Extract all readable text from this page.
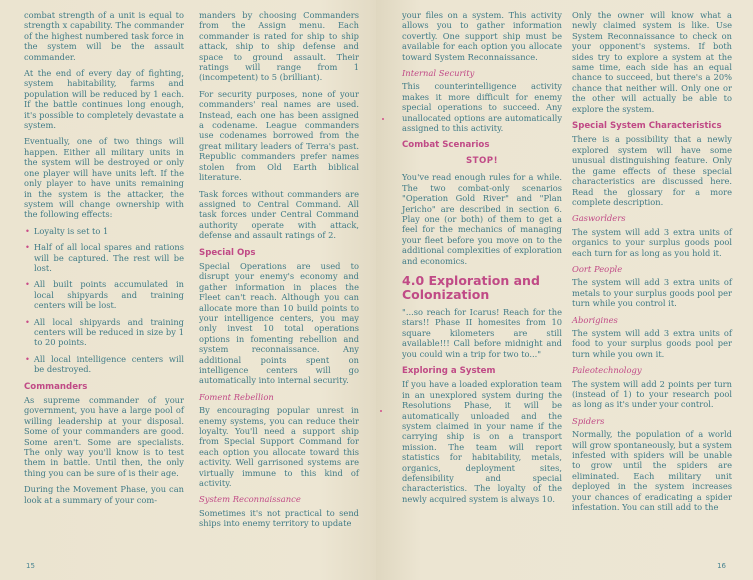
combat strength of a unit is equal to strength x capability. The commander of the highest numbered task force in the system will be the assault commander.

At the end of every day of fighting, system habitability, farms and population will be reduced by 1 each. If the battle continues long enough, it's possible to completely devastate a system.

Eventually, one of two things will happen. Either all military units in the system will be destroyed or only one player will have units left. If the only player to have units remaining in the system is the attacker, the system will change ownership with the following effects:

• Loyalty is set to 1

• Half of all local spares and rations will be captured. The rest will be lost.

• All built points accumulated in local shipyards and training centers will be lost.

• All local shipyards and training centers will be reduced in size by 1 to 20 points.

• All local intelligence centers will be destroyed.

Commanders

As supreme commander of your government, you have a large pool of willing leadership at your disposal. Some of your commanders are good. Some aren't. Some are specialists. The only way you'll know is to test them in battle. Until then, the only thing you can be sure of is their age.

During the Movement Phase, you can look at a summary of your com-

manders by choosing Commanders from the Assign menu. Each commander is rated for ship to ship attack, ship to ship defense and space to ground assault. Their ratings will range from 1 (incompetent) to 5 (brilliant).

For security purposes, none of your commanders' real names are used. Instead, each one has been assigned a codename. League commanders use codenames borrowed from the great military leaders of Terra's past. Republic commanders prefer names stolen from Old Earth biblical literature.

Task forces without commanders are assigned to Central Command. All task forces under Central Command authority operate with attack, defense and assault ratings of 2.

Special Ops

Special Operations are used to disrupt your enemy's economy and gather information in places the Fleet can't reach. Although you can allocate more than 10 build points to your intelligence centers, you may only invest 10 total operations options in fomenting rebellion and system reconnaissance. Any additional points spent on intelligence centers will go automatically into internal security.

Foment Rebellion

By encouraging popular unrest in enemy systems, you can reduce their loyalty. You'll need a support ship from Special Support Command for each option you allocate toward this activity. Well garrisoned systems are virtually immune to this kind of activity.

System Reconnaissance

Sometimes it's not practical to send ships into enemy territory to update

15

your files on a system. This activity allows you to gather information covertly. One support ship must be available for each option you allocate toward System Reconnaissance.

Internal Security

This counterintelligence activity makes it more difficult for enemy special operations to succeed. Any unallocated options are automatically assigned to this activity.

Combat Scenarios
STOP!

You've read enough rules for a while. The two combat-only scenarios "Operation Gold River" and "Plan Jericho" are described in section 6. Play one (or both) of them to get a feel for the mechanics of managing your fleet before you move on to the additional complexities of exploration and economics.

4.0 Exploration and Colonization

"...so reach for Icarus! Reach for the stars!! Phase II homesites from 10 square kilometers are still available!!! Call before midnight and you could win a trip for two to..."

Exploring a System

If you have a loaded exploration team in an unexplored system during the Resolutions Phase, it will be automatically unloaded and the system claimed in your name if the carrying ship is on a transport mission. The team will report statistics for habitability, metals, organics, deployment sites, defensibility and special characteristics. The loyalty of the newly acquired system is always 10.

Only the owner will know what a newly claimed system is like. Use System Reconnaissance to check on your opponent's systems. If both sides try to explore a system at the same time, each side has an equal chance to succeed, but there's a 20% chance that neither will. Only one or the other will actually be able to explore the system.

Special System Characteristics

There is a possibility that a newly explored system will have some unusual distinguishing feature. Only the game effects of these special characteristics are discussed here. Read the glossary for a more complete description.

Gasworlders

The system will add 3 extra units of organics to your surplus goods pool each turn for as long as you hold it.

Oort People

The system will add 3 extra units of metals to your surplus goods pool per turn while you control it.

Aborigines

The system will add 3 extra units of food to your surplus goods pool per turn while you own it.

Paleotechnology

The system will add 2 points per turn (instead of 1) to your research pool as long as it's under your control.

Spiders

Normally, the population of a world will grow spontaneously, but a system infested with spiders will be unable to grow until the spiders are eliminated. Each military unit deployed in the system increases your chances of eradicating a spider infestation. You can still add to the

16
